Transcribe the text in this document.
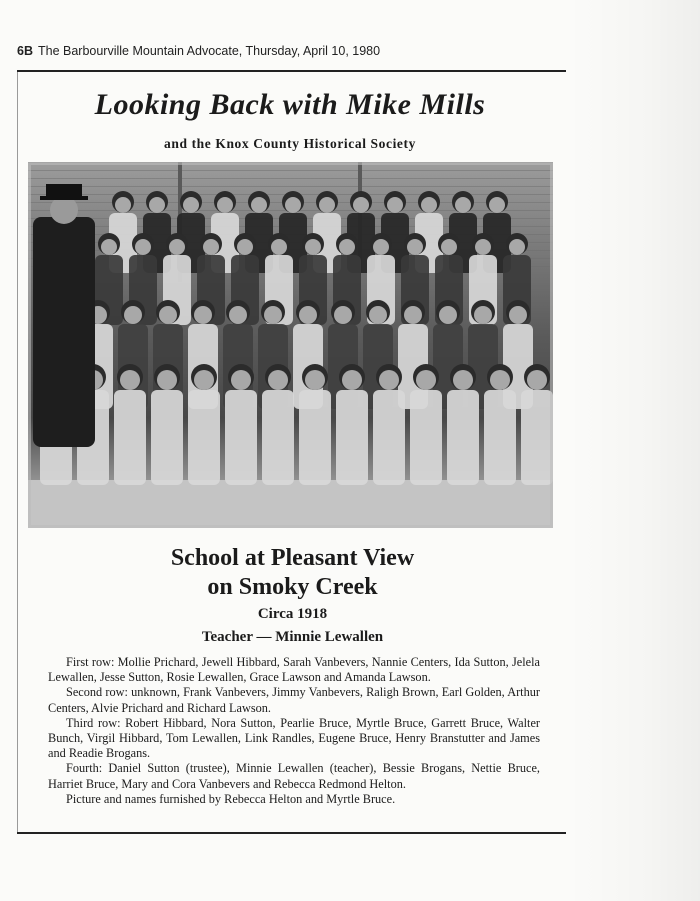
6B The Barbourville Mountain Advocate, Thursday, April 10, 1980
Looking Back with Mike Mills
and the Knox County Historical Society
School at Pleasant View
on Smoky Creek
Circa 1918
Teacher — Minnie Lewallen

First row: Mollie Prichard, Jewell Hibbard, Sarah Vanbevers, Nannie Centers, Ida Sutton, Jelela Lewallen, Jesse Sutton, Rosie Lewallen, Grace Lawson and Amanda Lawson.

Second row: unknown, Frank Vanbevers, Jimmy Vanbevers, Raligh Brown, Earl Golden, Arthur Centers, Alvie Prichard and Richard Lawson.

Third row: Robert Hibbard, Nora Sutton, Pearlie Bruce, Myrtle Bruce, Garrett Bruce, Walter Bunch, Virgil Hibbard, Tom Lewallen, Link Randles, Eugene Bruce, Henry Branstutter and James and Readie Brogans.

Fourth: Daniel Sutton (trustee), Minnie Lewallen (teacher), Bessie Brogans, Nettie Bruce, Harriet Bruce, Mary and Cora Vanbevers and Rebecca Redmond Helton.

Picture and names furnished by Rebecca Helton and Myrtle Bruce.
